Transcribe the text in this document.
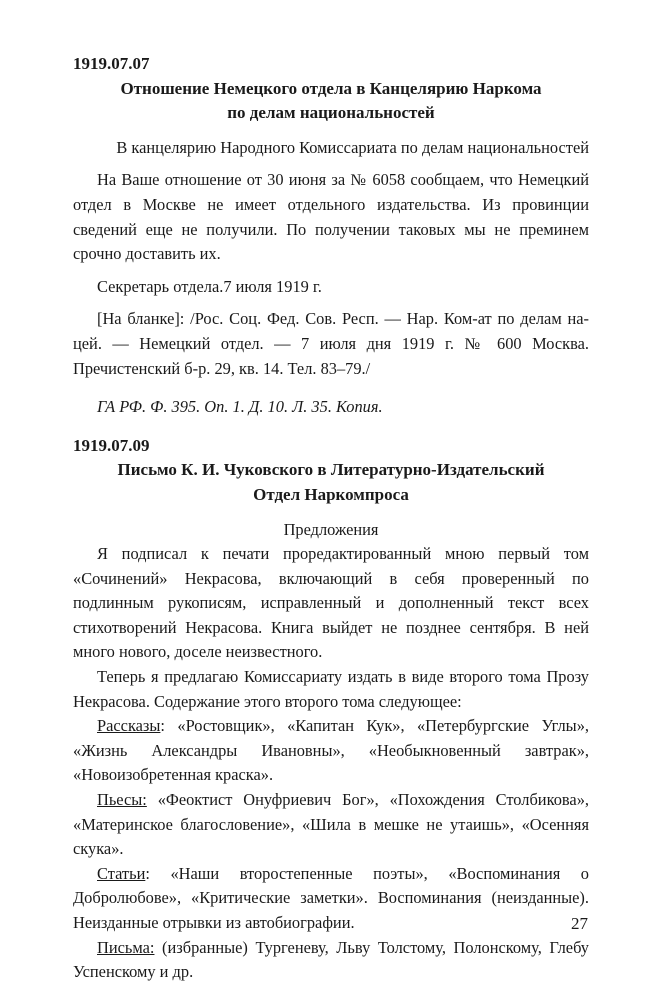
1919.07.07

Отношение Немецкого отдела в Канцелярию Наркома
по делам национальностей

В канцелярию Народного Комиссариата по делам национальностей

На Ваше отношение от 30 июня за № 6058 сообщаем, что Немецкий отдел в Москве не имеет отдельного издательства. Из провинции сведений еще не получили. По получении таковых мы не преминем срочно доставить их.

Секретарь отдела.7 июля 1919 г.

[На бланке]: /Рос. Соц. Фед. Сов. Респ. — Нар. Ком-ат по делам на-цей. — Немецкий отдел. — 7 июля дня 1919 г. № 600 Москва. Пречистенский б-р. 29, кв. 14. Тел. 83–79./

ГА РФ. Ф. 395. Оп. 1. Д. 10. Л. 35. Копия.

1919.07.09

Письмо К. И. Чуковского в Литературно-Издательский
Отдел Наркомпроса

Предложения

Я подписал к печати проредактированный мною первый том «Сочинений» Некрасова, включающий в себя проверенный по подлинным рукописям, исправленный и дополненный текст всех стихотворений Некрасова. Книга выйдет не позднее сентября. В ней много нового, доселе неизвестного.

Теперь я предлагаю Комиссариату издать в виде второго тома Прозу Некрасова. Содержание этого второго тома следующее:

Рассказы: «Ростовщик», «Капитан Кук», «Петербургские Углы», «Жизнь Александры Ивановны», «Необыкновенный завтрак», «Новоизобретенная краска».

Пьесы: «Феоктист Онуфриевич Бог», «Похождения Столбикова», «Материнское благословение», «Шила в мешке не утаишь», «Осенняя скука».

Статьи: «Наши второстепенные поэты», «Воспоминания о Добролюбове», «Критические заметки». Воспоминания (неизданные). Неизданные отрывки из автобиографии.

Письма: (избранные) Тургеневу, Льву Толстому, Полонскому, Глебу Успенскому и др.

27
